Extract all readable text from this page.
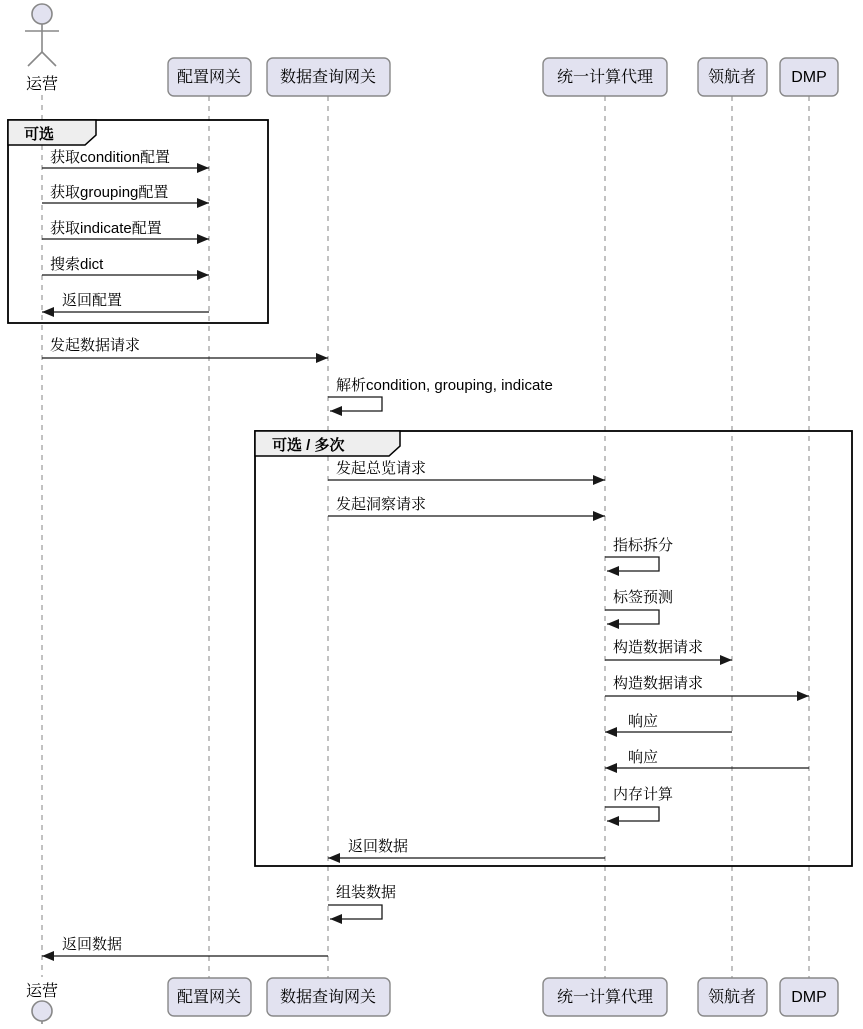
可选
可选 / 多次
获取condition配置
获取grouping配置
获取indicate配置
搜索dict
返回配置
发起数据请求
解析condition, grouping, indicate
发起总览请求
发起洞察请求
指标拆分
标签预测
构造数据请求
构造数据请求
响应
响应
内存计算
返回数据
组装数据
返回数据
运营	配置网关 数据查询网关	统一计算代理	领航者 DMP
运营	配置网关 数据查询网关	统一计算代理	领航者 DMP
